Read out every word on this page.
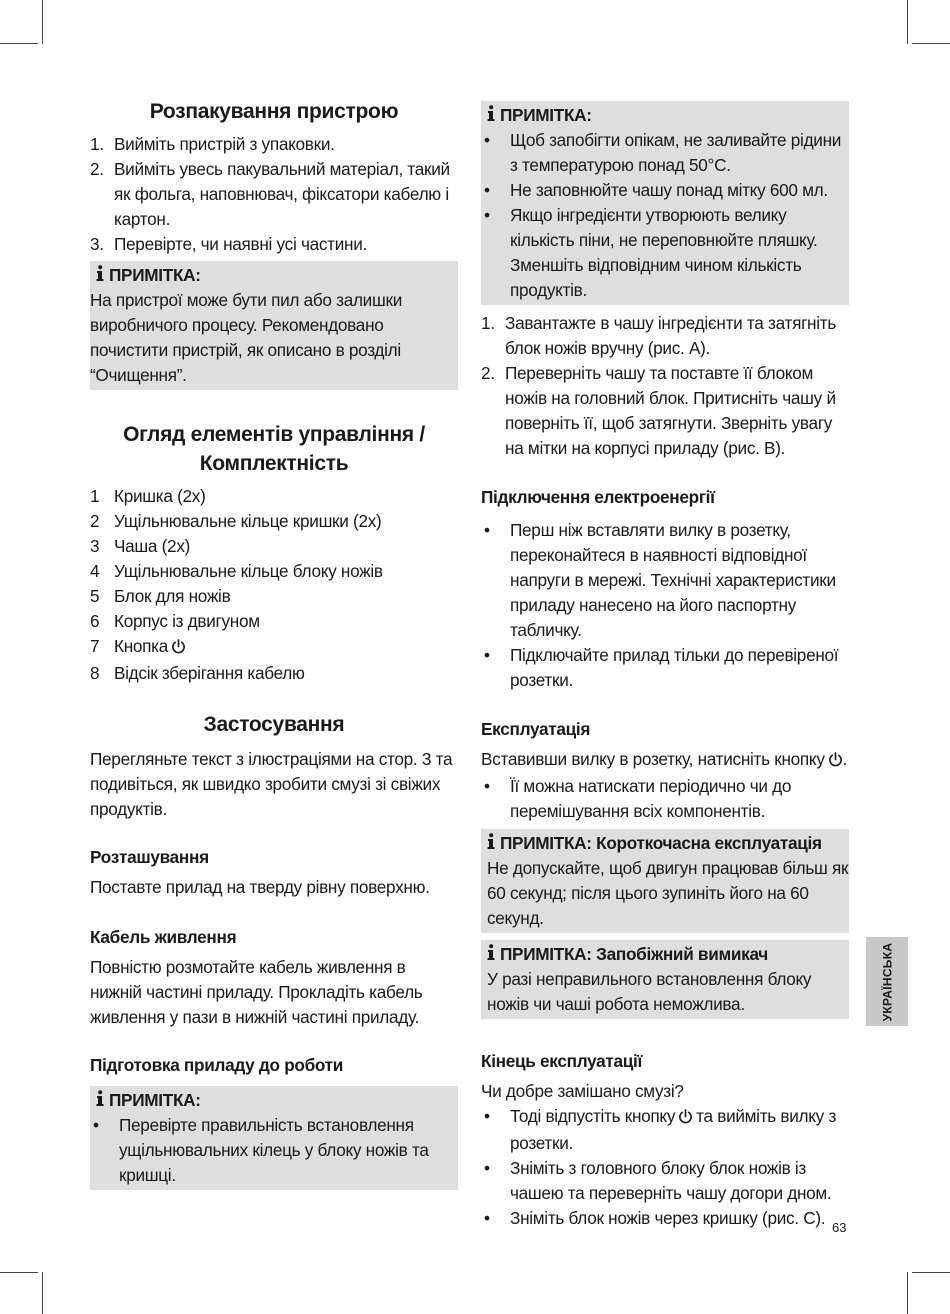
Розпакування пристрою
1. Вийміть пристрій з упаковки.
2. Вийміть увесь пакувальний матеріал, такий як фольга, наповнювач, фіксатори кабелю і картон.
3. Перевірте, чи наявні усі частини.
ПРИМІТКА:

На пристрої може бути пил або залишки виробничого процесу. Рекомендовано почистити пристрій, як описано в розділі “Очищення”.

Огляд елементів управління /
Комплектність
1 Кришка (2x)
2 Ущільнювальне кільце кришки (2x)
3 Чаша (2x)
4 Ущільнювальне кільце блоку ножів
5 Блок для ножів
6 Корпус із двигуном
7 Кнопка
8 Відсік зберігання кабелю
Застосування

Перегляньте текст з ілюстраціями на стор. 3 та подивіться, як швидко зробити смузі зі свіжих продуктів.

Розташування

Поставте прилад на тверду рівну поверхню.

Кабель живлення

Повністю розмотайте кабель живлення в нижній частині приладу. Прокладіть кабель живлення у пази в нижній частині приладу.

Підготовка приладу до роботи
ПРИМІТКА:
• Перевірте правильність встановлення ущільнювальних кілець у блоку ножів та кришці.
ПРИМІТКА:
• Щоб запобігти опікам, не заливайте рідини з температурою понад 50°C.
• Не заповнюйте чашу понад мітку 600 мл.
• Якщо інгредієнти утворюють велику кількість піни, не переповнюйте пляшку. Зменшіть відповідним чином кількість продуктів.
1. Завантажте в чашу інгредієнти та затягніть блок ножів вручну (рис. A).
2. Переверніть чашу та поставте її блоком ножів на головний блок. Притисніть чашу й поверніть її, щоб затягнути. Зверніть увагу на мітки на корпусі приладу (рис. B).
Підключення електроенергії
• Перш ніж вставляти вилку в розетку, переконайтеся в наявності відповідної напруги в мережі. Технічні характеристики приладу нанесено на його паспортну табличку.
• Підключайте прилад тільки до перевіреної розетки.
Експлуатація

Вставивши вилку в розетку, натисніть кнопку .

• Її можна натискати періодично чи до перемішування всіх компонентів.
ПРИМІТКА: Короткочасна експлуатація

Не допускайте, щоб двигун працював більш як 60 секунд; після цього зупиніть його на 60 секунд.

ПРИМІТКА: Запобіжний вимикач

У разі неправильного встановлення блоку ножів чи чаші робота неможлива.

Кінець експлуатації

Чи добре замішано смузі?

• Тоді відпустіть кнопку та вийміть вилку з розетки.
• Зніміть з головного блоку блок ножів із чашею та переверніть чашу догори дном.
• Зніміть блок ножів через кришку (рис. C).
УКРАЇНСЬКА
63
